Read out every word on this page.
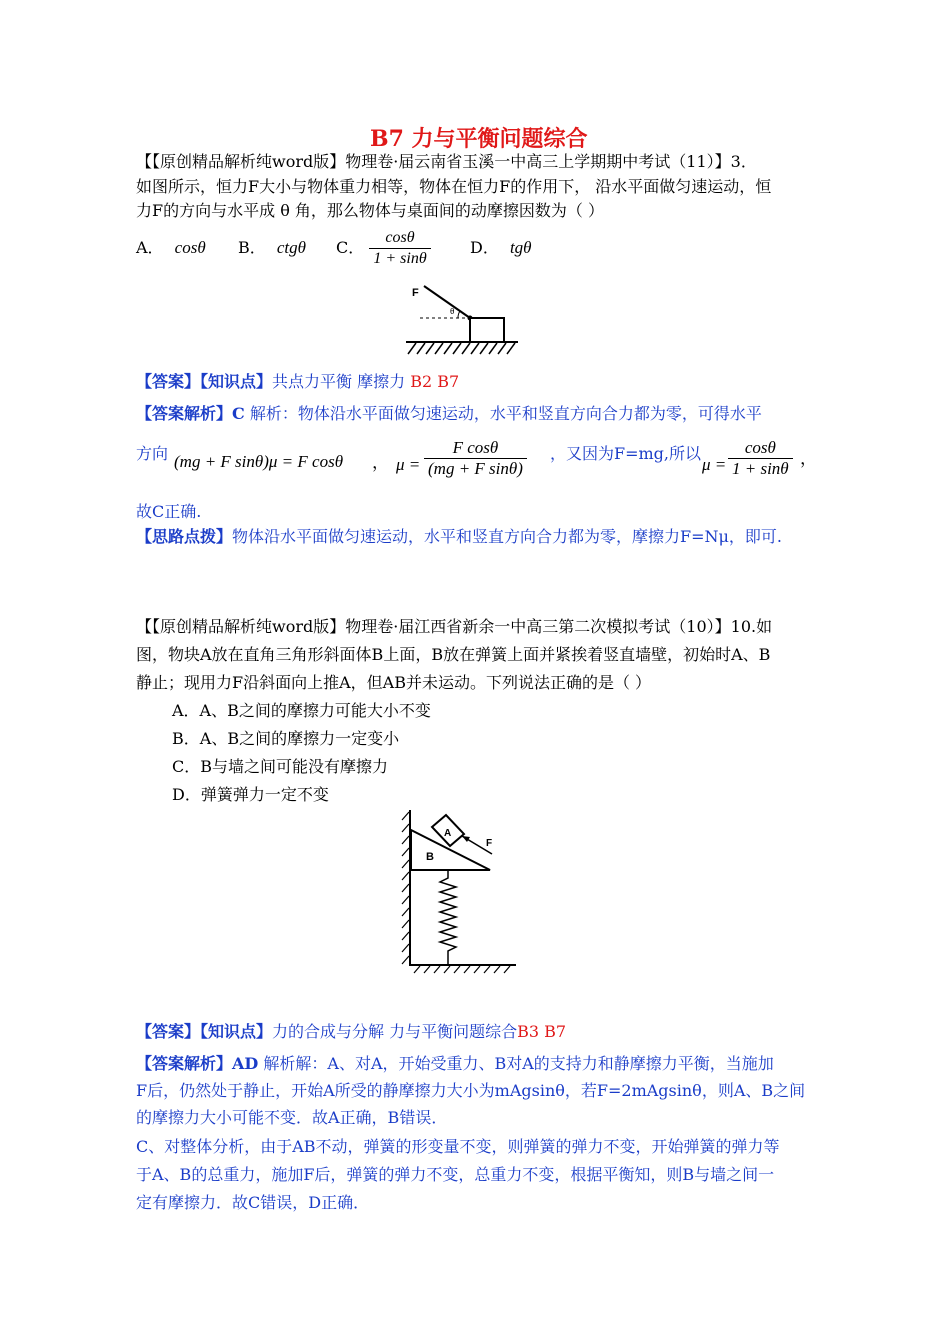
B7 力与平衡问题综合
【【原创精品解析纯word版】物理卷·届云南省玉溪一中高三上学期期中考试（11）】3．
如图所示，恒力F大小与物体重力相等，物体在恒力F的作用下， 沿水平面做匀速运动，恒
力F的方向与水平成 θ 角，那么物体与桌面间的动摩擦因数为（ ）
A． cosθ B． ctgθ C． $\frac{\cos\theta}{1 + \sin\theta}$ D． tgθ
F
θ
【答案】【知识点】共点力平衡 摩擦力 B2 B7
【答案解析】C 解析：物体沿水平面做匀速运动，水平和竖直方向合力都为零，可得水平
方向 (mg + F sinθ)μ = F cosθ ， $\mu = \frac{\text{F cosθ}}{\text{(mg + F sinθ)}}$ ，又因为F=mg,所以
$\mu = \frac{\cos\theta}{1 + \sin\theta}$ ，
故C正确.
【思路点拨】物体沿水平面做匀速运动，水平和竖直方向合力都为零，摩擦力F=Nμ，即可.
【【原创精品解析纯word版】物理卷·届江西省新余一中高三第二次模拟考试（10）】10.如
图，物块A放在直角三角形斜面体B上面，B放在弹簧上面并紧挨着竖直墙壁，初始时A、B
静止；现用力F沿斜面向上推A，但AB并未运动。下列说法正确的是（ ）
A．A、B之间的摩擦力可能大小不变
B．A、B之间的摩擦力一定变小
C．B与墙之间可能没有摩擦力
D．弹簧弹力一定不变
B
A
F
【答案】【知识点】力的合成与分解 力与平衡问题综合B3 B7
【答案解析】AD 解析解：A、对A，开始受重力、B对A的支持力和静摩擦力平衡，当施加
F后，仍然处于静止，开始A所受的静摩擦力大小为mAgsinθ，若F=2mAgsinθ，则A、B之间
的摩擦力大小可能不变．故A正确，B错误．
C、对整体分析，由于AB不动，弹簧的形变量不变，则弹簧的弹力不变，开始弹簧的弹力等
于A、B的总重力，施加F后，弹簧的弹力不变，总重力不变，根据平衡知，则B与墙之间一
定有摩擦力．故C错误，D正确．
